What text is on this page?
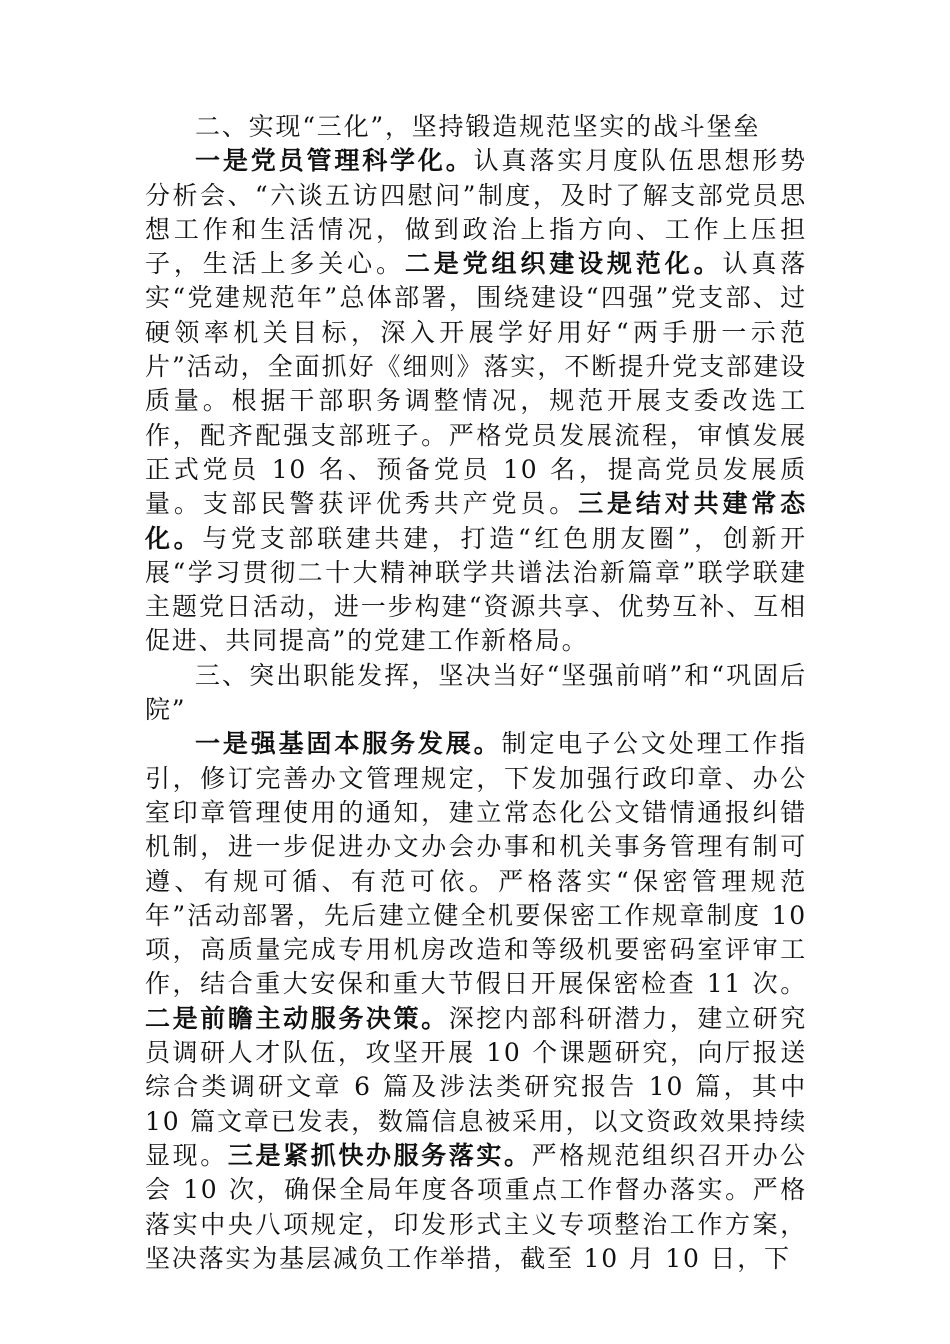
二、实现“三化”，坚持锻造规范坚实的战斗堡垒

一是党员管理科学化。认真落实月度队伍思想形势分析会、“六谈五访四慰问”制度，及时了解支部党员思想工作和生活情况，做到政治上指方向、工作上压担子，生活上多关心。二是党组织建设规范化。认真落实“党建规范年”总体部署，围绕建设“四强”党支部、过硬领率机关目标，深入开展学好用好“两手册一示范片”活动，全面抓好《细则》落实，不断提升党支部建设质量。根据干部职务调整情况，规范开展支委改选工作，配齐配强支部班子。严格党员发展流程，审慎发展正式党员 10 名、预备党员 10 名，提高党员发展质量。支部民警获评优秀共产党员。三是结对共建常态化。与党支部联建共建，打造“红色朋友圈”，创新开展“学习贯彻二十大精神联学共谱法治新篇章”联学联建主题党日活动，进一步构建“资源共享、优势互补、互相促进、共同提高”的党建工作新格局。

三、突出职能发挥，坚决当好“坚强前哨”和“巩固后院”

一是强基固本服务发展。制定电子公文处理工作指引，修订完善办文管理规定，下发加强行政印章、办公室印章管理使用的通知，建立常态化公文错情通报纠错机制，进一步促进办文办会办事和机关事务管理有制可遵、有规可循、有范可依。严格落实“保密管理规范年”活动部署，先后建立健全机要保密工作规章制度 10 项，高质量完成专用机房改造和等级机要密码室评审工作，结合重大安保和重大节假日开展保密检查 11 次。二是前瞻主动服务决策。深挖内部科研潜力，建立研究员调研人才队伍，攻坚开展 10 个课题研究，向厅报送综合类调研文章 6 篇及涉法类研究报告 10 篇，其中 10 篇文章已发表，数篇信息被采用，以文资政效果持续显现。三是紧抓快办服务落实。严格规范组织召开办公会 10 次，确保全局年度各项重点工作督办落实。严格落实中央八项规定，印发形式主义专项整治工作方案，坚决落实为基层减负工作举措，截至 10 月 10 日，下
